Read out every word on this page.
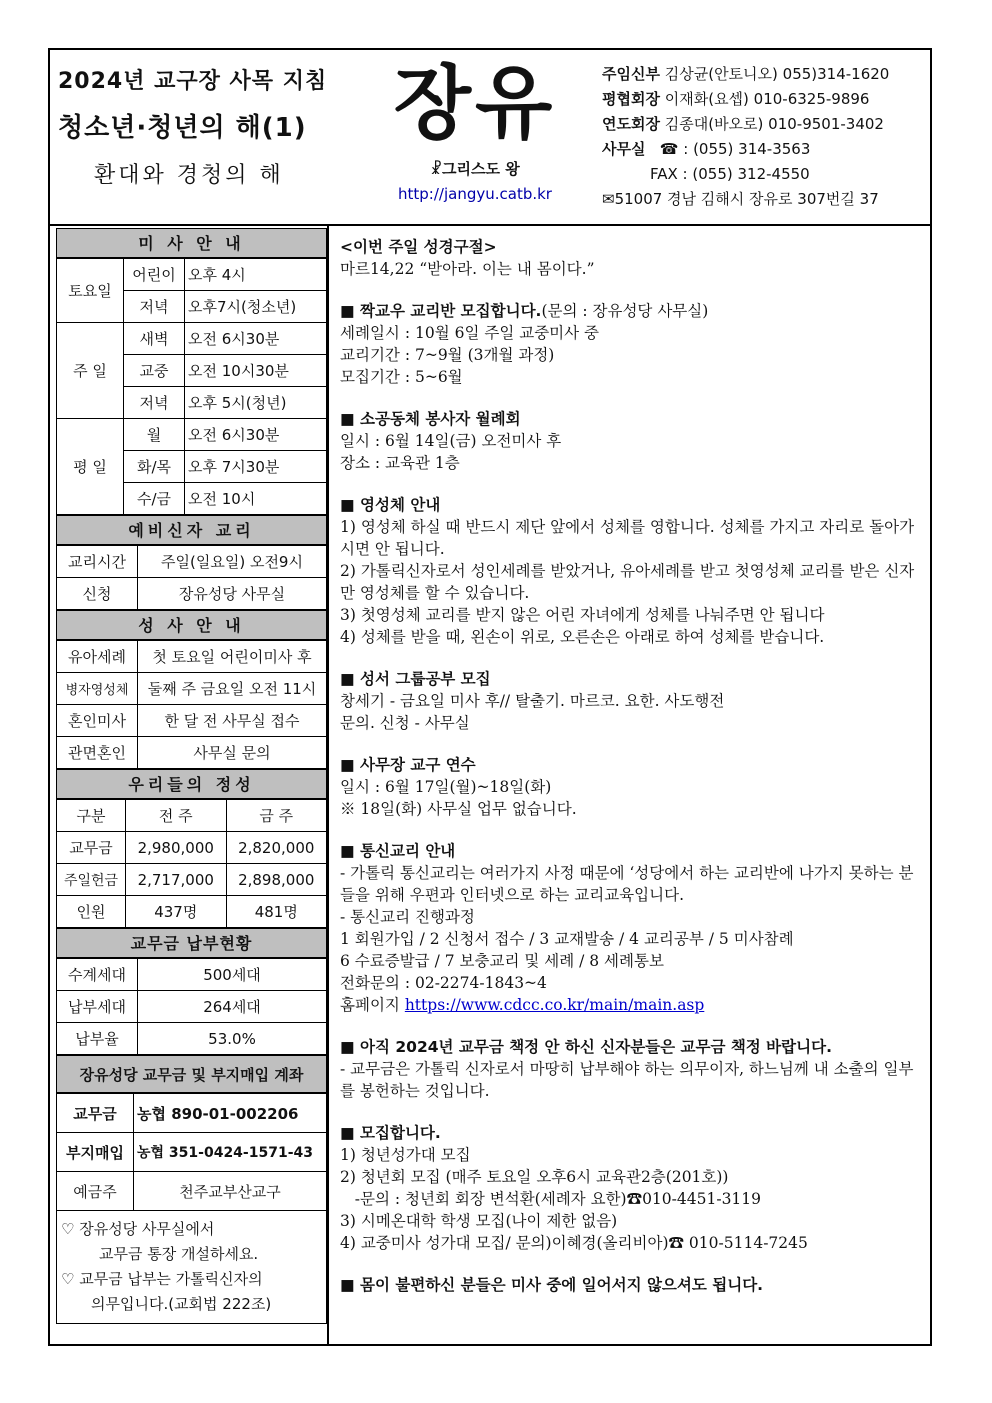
2024년 교구장 사목 지침
청소년·청년의 해(1)
환대와 경청의 해
장유
☧그리스도 왕
http://jangyu.catb.kr
주임신부 김상균(안토니오) 055)314-1620
평협회장 이재화(요셉) 010-6325-9896
연도회장 김종대(바오로) 010-9501-3402
사무실 ☎ : (055) 314-3563
FAX : (055) 312-4550
✉51007 경남 김해시 장유로 307번길 37
미 사 안 내
토요일	어린이	오후 4시
	저녁	오후7시(청소년)
주 일	새벽	오전 6시30분
	교중	오전 10시30분
	저녁	오후 5시(청년)
평 일	월	오전 6시30분
	화/목	오후 7시30분
	수/금	오전 10시
예비신자 교리
교리시간	주일(일요일) 오전9시
신청	장유성당 사무실
성 사 안 내
유아세례	첫 토요일 어린이미사 후
병자영성체	둘째 주 금요일 오전 11시
혼인미사	한 달 전 사무실 접수
관면혼인	사무실 문의
우리들의 정성
구분	전 주	금 주
교무금	2,980,000	2,820,000
주일헌금	2,717,000	2,898,000
인원	437명	481명
교무금 납부현황
수계세대	500세대
납부세대	264세대
납부율	53.0%
장유성당 교무금 및 부지매입 계좌
교무금	농협 890-01-002206
부지매입	농협 351-0424-1571-43
예금주	천주교부산교구
♡ 장유성당 사무실에서
교무금 통장 개설하세요.
♡ 교무금 납부는 가톨릭신자의
의무입니다.(교회법 222조)

<이번 주일 성경구절>

마르14,22 “받아라. 이는 내 몸이다.”

■ 짝교우 교리반 모집합니다.(문의 : 장유성당 사무실)

세례일시 : 10월 6일 주일 교중미사 중

교리기간 : 7~9월 (3개월 과정)

모집기간 : 5~6월

■ 소공동체 봉사자 월례회

일시 : 6월 14일(금) 오전미사 후

장소 : 교육관 1층

■ 영성체 안내

1) 영성체 하실 때 반드시 제단 앞에서 성체를 영합니다. 성체를 가지고 자리로 돌아가시면 안 됩니다.

2) 가톨릭신자로서 성인세례를 받았거나, 유아세례를 받고 첫영성체 교리를 받은 신자만 영성체를 할 수 있습니다.

3) 첫영성체 교리를 받지 않은 어린 자녀에게 성체를 나눠주면 안 됩니다

4) 성체를 받을 때, 왼손이 위로, 오른손은 아래로 하여 성체를 받습니다.

■ 성서 그룹공부 모집

창세기 - 금요일 미사 후// 탈출기. 마르코. 요한. 사도행전

문의. 신청 - 사무실

■ 사무장 교구 연수

일시 : 6월 17일(월)~18일(화)

※ 18일(화) 사무실 업무 없습니다.

■ 통신교리 안내

- 가톨릭 통신교리는 여러가지 사정 때문에 ‘성당에서 하는 교리반에 나가지 못하는 분들을 위해 우편과 인터넷으로 하는 교리교육입니다.

- 통신교리 진행과정

1 회원가입 / 2 신청서 접수 / 3 교재발송 / 4 교리공부 / 5 미사참례

6 수료증발급 / 7 보충교리 및 세례 / 8 세례통보

전화문의 : 02-2274-1843~4

홈페이지 https://www.cdcc.co.kr/main/main.asp

■ 아직 2024년 교무금 책정 안 하신 신자분들은 교무금 책정 바랍니다.

- 교무금은 가톨릭 신자로서 마땅히 납부해야 하는 의무이자, 하느님께 내 소출의 일부를 봉헌하는 것입니다.

■ 모집합니다.

1) 청년성가대 모집

2) 청년회 모집 (매주 토요일 오후6시 교육관2층(201호))

-문의 : 청년회 회장 변석환(세례자 요한)☎010-4451-3119

3) 시메온대학 학생 모집(나이 제한 없음)

4) 교중미사 성가대 모집/ 문의)이혜경(올리비아)☎ 010-5114-7245

■ 몸이 불편하신 분들은 미사 중에 일어서지 않으셔도 됩니다.
